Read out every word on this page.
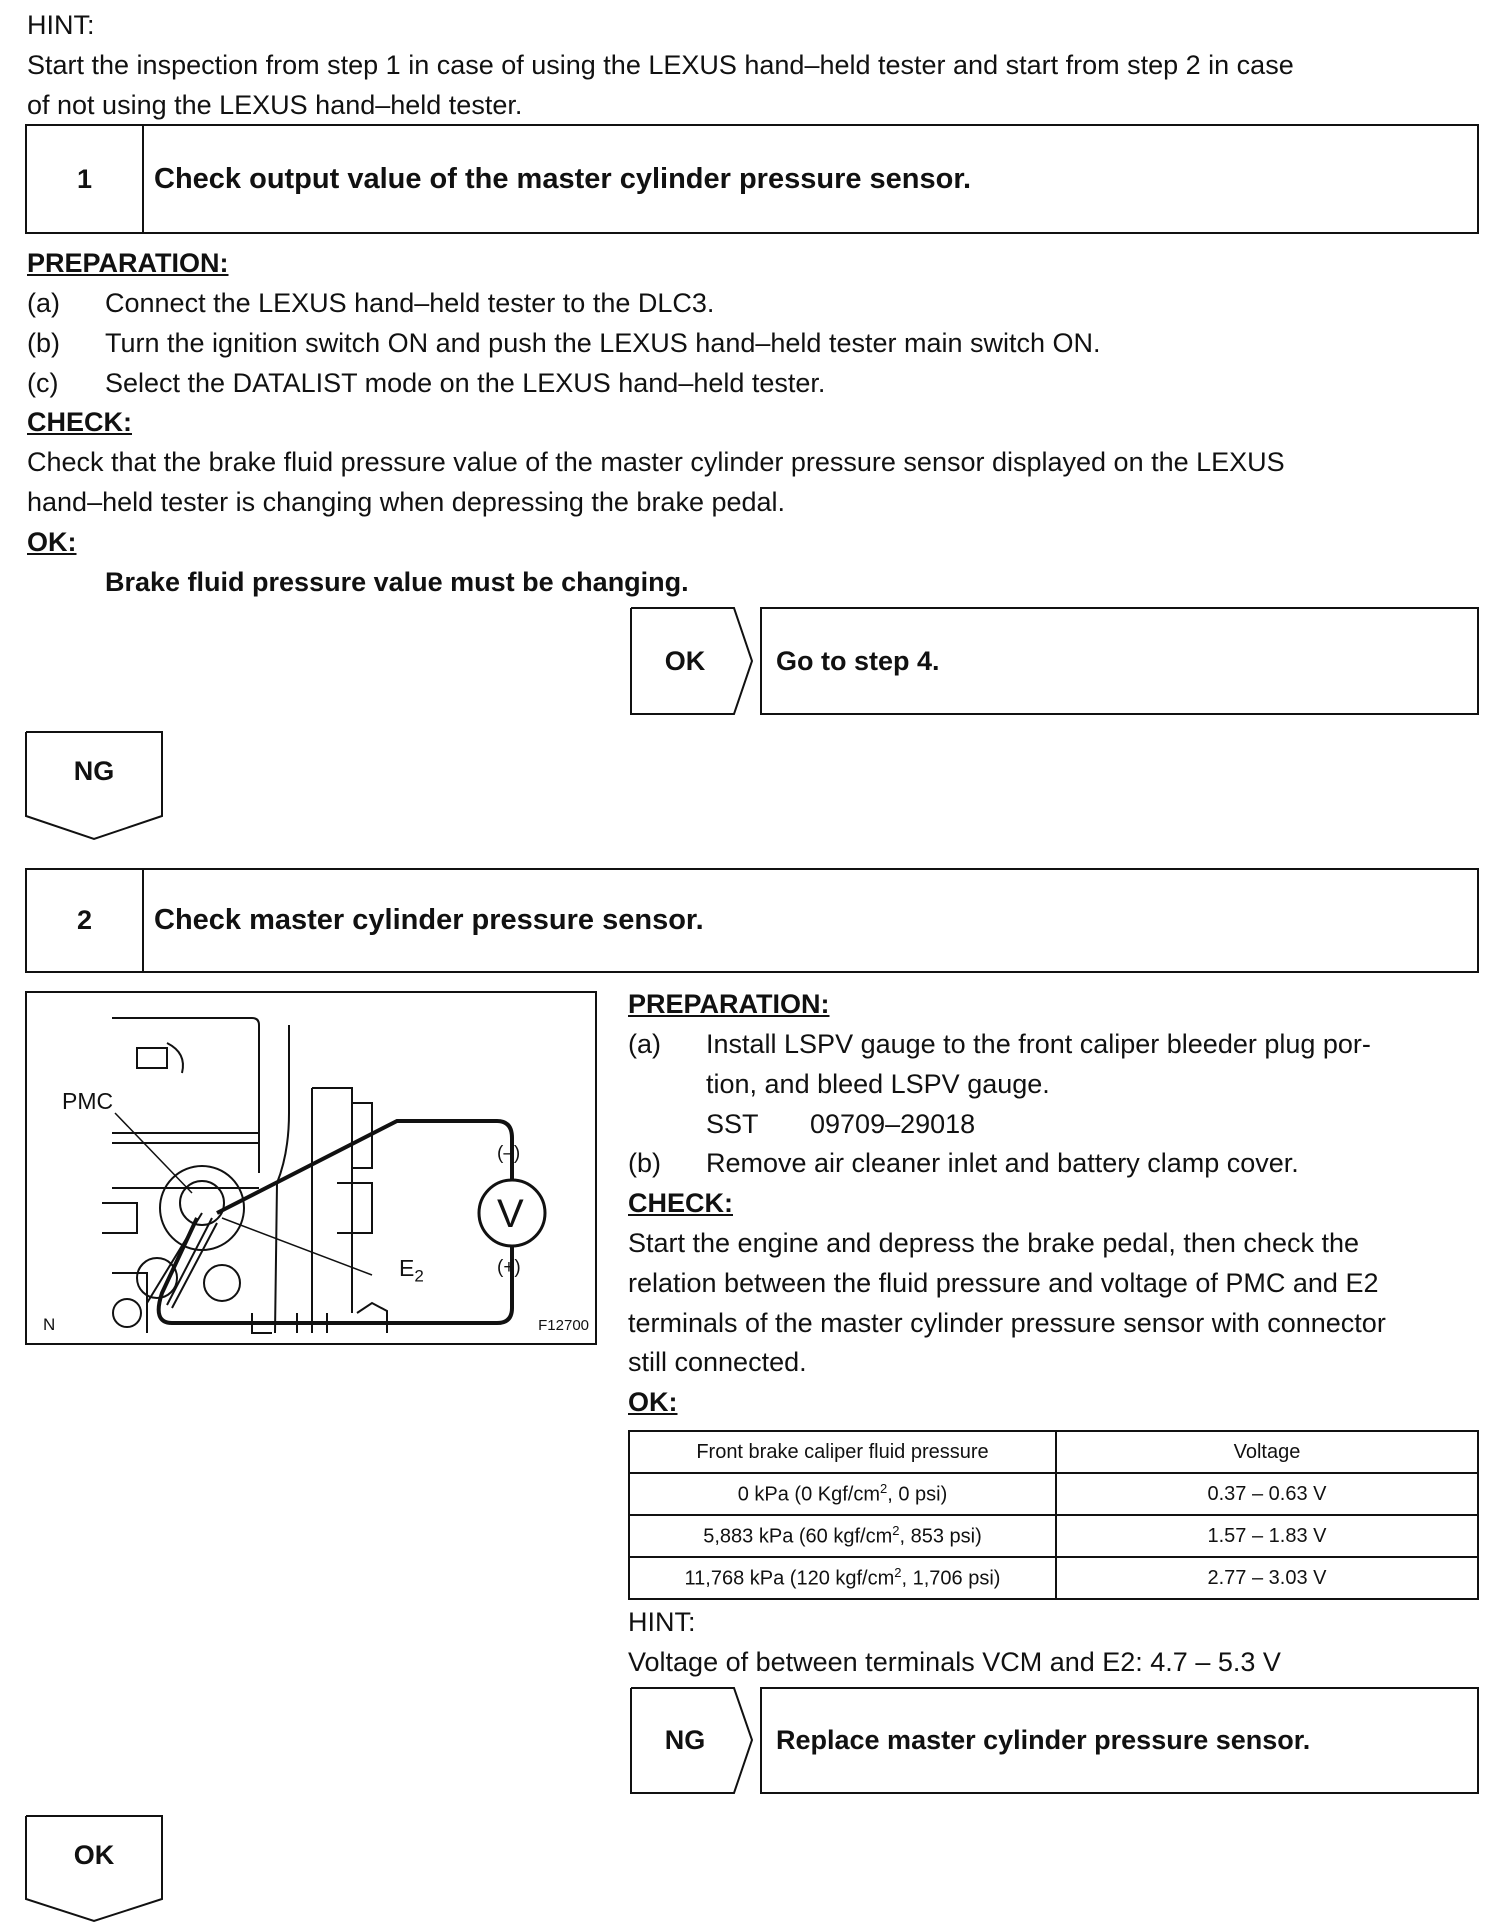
HINT:
Start the inspection from step 1 in case of using the LEXUS hand–held tester and start from step 2 in case
of not using the LEXUS hand–held tester.
1	Check output value of the master cylinder pressure sensor.
PREPARATION:
(a) Connect the LEXUS hand–held tester to the DLC3.
(b) Turn the ignition switch ON and push the LEXUS hand–held tester main switch ON.
(c) Select the DATALIST mode on the LEXUS hand–held tester.
CHECK:
Check that the brake fluid pressure value of the master cylinder pressure sensor displayed on the LEXUS
hand–held tester is changing when depressing the brake pedal.
OK:
Brake fluid pressure value must be changing.
OK	Go to step 4.
NG
2	Check master cylinder pressure sensor.
PMC
$E_2$
V
(–)
(+)
N	F12700
PREPARATION:
(a) Install LSPV gauge to the front caliper bleeder plug por-
tion, and bleed LSPV gauge.
SST 09709–29018
(b) Remove air cleaner inlet and battery clamp cover.
CHECK:
Start the engine and depress the brake pedal, then check the
relation between the fluid pressure and voltage of PMC and E2
terminals of the master cylinder pressure sensor with connector
still connected.
OK:
Front brake caliper fluid pressure	Voltage
0 kPa (0 Kgf/$cm^2$, 0 psi)	0.37 – 0.63 V
5,883 kPa (60 kgf/$cm^2$, 853 psi)	1.57 – 1.83 V
11,768 kPa (120 kgf/$cm^2$, 1,706 psi)	2.77 – 3.03 V
HINT:
Voltage of between terminals VCM and E2: 4.7 – 5.3 V
NG	Replace master cylinder pressure sensor.
OK
